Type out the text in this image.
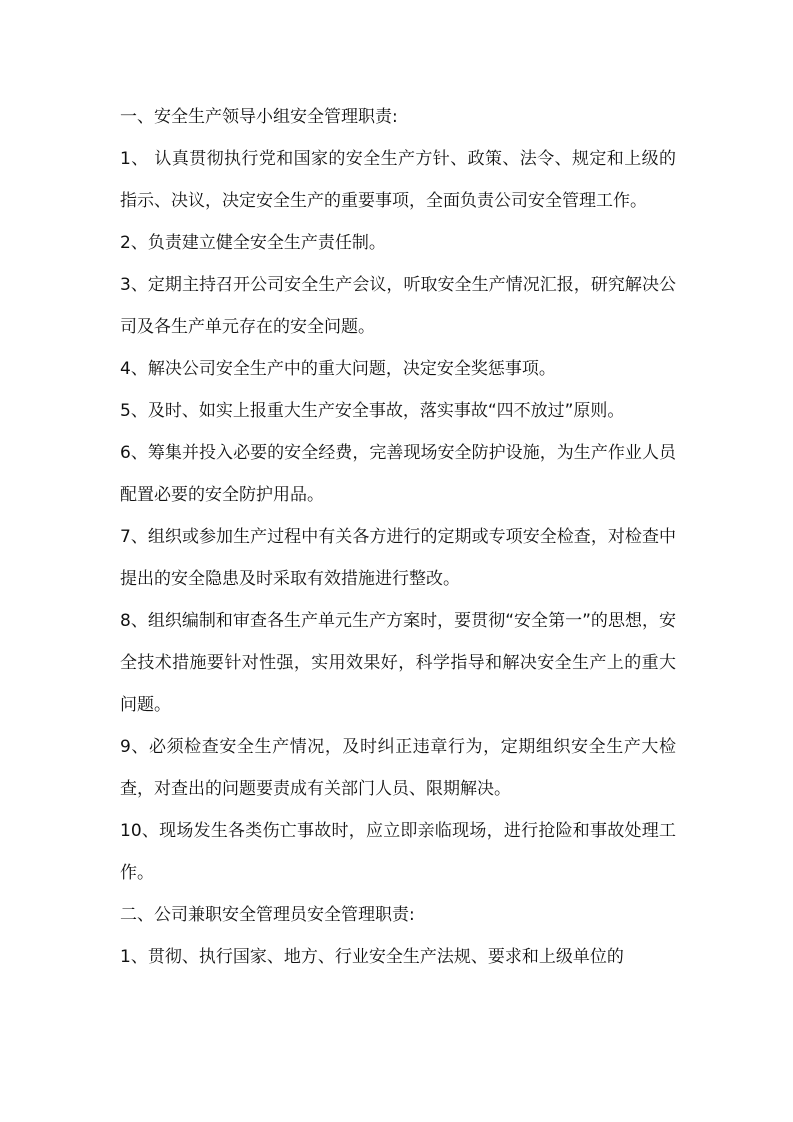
一、安全生产领导小组安全管理职责:

1、 认真贯彻执行党和国家的安全生产方针、政策、法令、规定和上级的指示、决议，决定安全生产的重要事项，全面负责公司安全管理工作。

2、负责建立健全安全生产责任制。

3、定期主持召开公司安全生产会议，听取安全生产情况汇报，研究解决公司及各生产单元存在的安全问题。

4、解决公司安全生产中的重大问题，决定安全奖惩事项。

5、及时、如实上报重大生产安全事故，落实事故“四不放过”原则。

6、筹集并投入必要的安全经费，完善现场安全防护设施，为生产作业人员配置必要的安全防护用品。

7、组织或参加生产过程中有关各方进行的定期或专项安全检查，对检查中提出的安全隐患及时采取有效措施进行整改。

8、组织编制和审查各生产单元生产方案时，要贯彻“安全第一”的思想，安全技术措施要针对性强，实用效果好，科学指导和解决安全生产上的重大问题。

9、必须检查安全生产情况，及时纠正违章行为，定期组织安全生产大检查，对查出的问题要责成有关部门人员、限期解决。

10、现场发生各类伤亡事故时，应立即亲临现场，进行抢险和事故处理工作。

二、公司兼职安全管理员安全管理职责:

1、贯彻、执行国家、地方、行业安全生产法规、要求和上级单位的
